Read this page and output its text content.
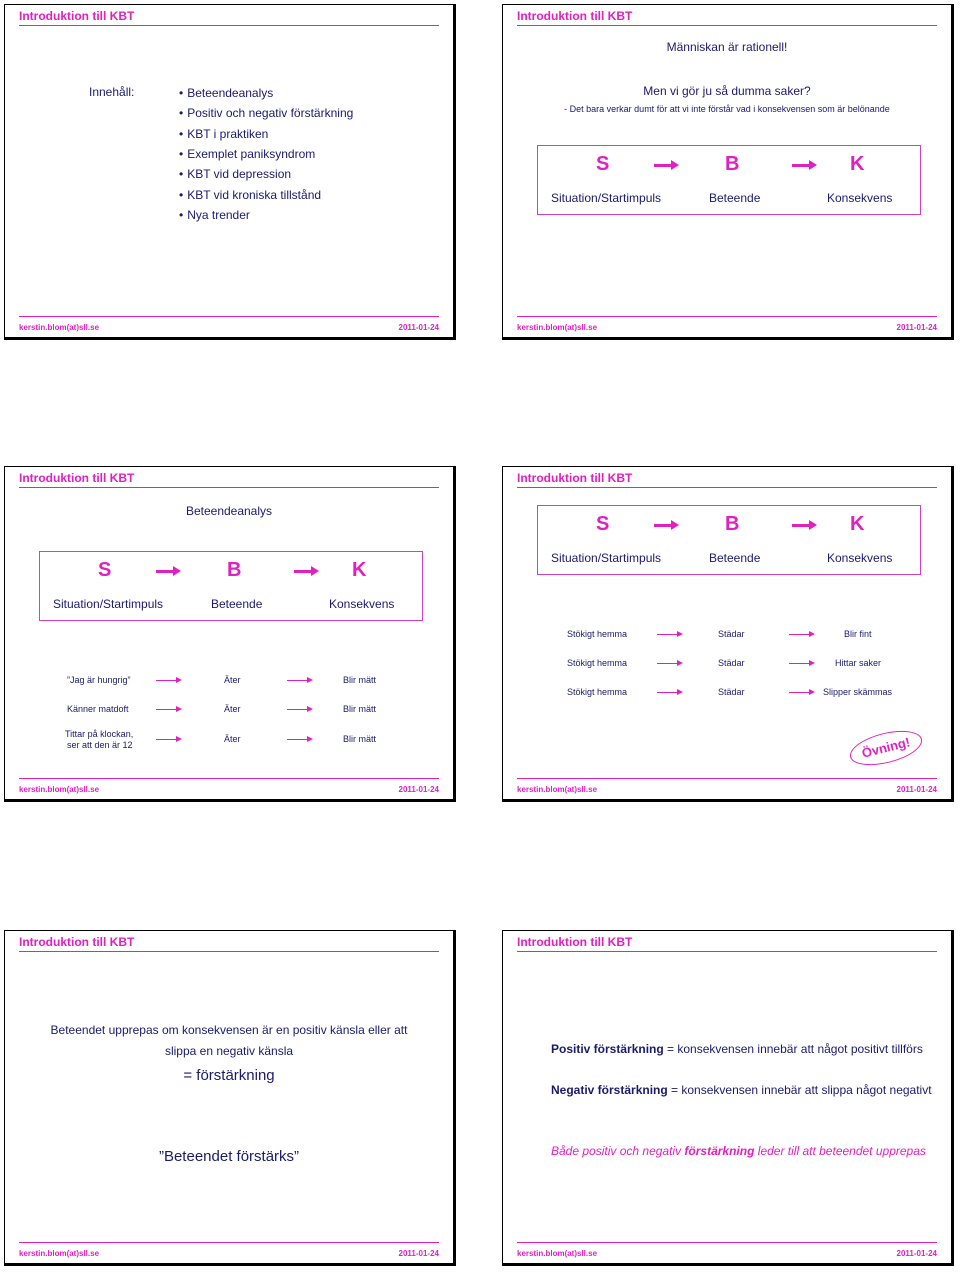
Introduktion till KBT
Innehåll:
•	Beteendeanalys
• Positiv och negativ förstärkning
• KBT i praktiken
• Exemplet paniksyndrom
• KBT vid depression
• KBT vid kroniska tillstånd
• Nya trender
kerstin.blom(at)sll.se	2011-01-24
Introduktion till KBT
Människan är rationell!
Men vi gör ju så dumma saker?
- Det bara verkar dumt för att vi inte förstår vad i konsekvensen som är belönande
S	B	K
Situation/Startimpuls	Beteende	Konsekvens
kerstin.blom(at)sll.se	2011-01-24
Introduktion till KBT
Beteendeanalys
S	B	K
Situation/Startimpuls	Beteende	Konsekvens
”Jag är hungrig”	Äter	Blir mätt
Känner matdoft	Äter	Blir mätt
Tittar på klockan,
ser att den är 12
Äter	Blir mätt
kerstin.blom(at)sll.se	2011-01-24
Introduktion till KBT
S	B	K
Situation/Startimpuls	Beteende	Konsekvens
Stökigt hemma	Städar	Blir fint
Stökigt hemma	Städar	Hittar saker
Stökigt hemma	Städar	Slipper skämmas
Övning!
kerstin.blom(at)sll.se	2011-01-24
Introduktion till KBT
Beteendet upprepas om konsekvensen är en positiv känsla eller att
slippa en negativ känsla
= förstärkning
”Beteendet förstärks”
kerstin.blom(at)sll.se	2011-01-24
Introduktion till KBT
Positiv förstärkning = konsekvensen innebär att något positivt tillförs
Negativ förstärkning = konsekvensen innebär att slippa något negativt
Både positiv och negativ förstärkning leder till att beteendet upprepas
kerstin.blom(at)sll.se	2011-01-24
